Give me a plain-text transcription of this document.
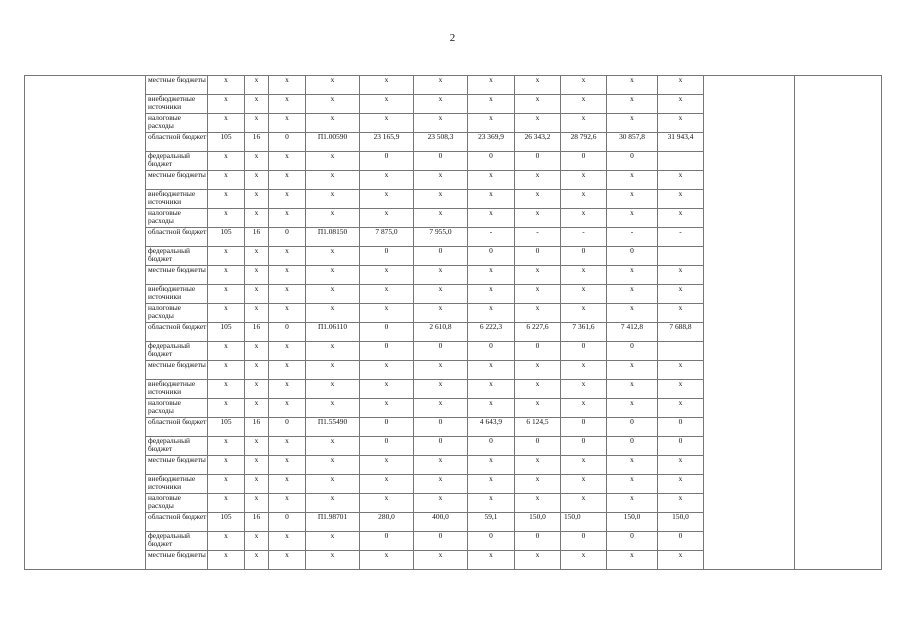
2
	местные бюджеты	x	x	x	x	x	x	x	x	x	x	x		
	внебюджетные источники	x	x	x	x	x	x	x	x	x	x	x		
	налоговые расходы	x	x	x	x	x	x	x	x	x	x	x		
	областной бюджет	105	16	0	П1.00590	23 165,9	23 508,3	23 369,9	26 343,2	28 792,6	30 857,8	31 943,4		
	федеральный бюджет	x	x	x	x	0	0	0	0	0	0			
	местные бюджеты	x	x	x	x	x	x	x	x	x	x	x		
	внебюджетные источники	x	x	x	x	x	x	x	x	x	x	x		
	налоговые расходы	x	x	x	x	x	x	x	x	x	x	x		
	областной бюджет	105	16	0	П1.08150	7 875,0	7 955,0	-	-	-	-	-		
	федеральный бюджет	x	x	x	x	0	0	0	0	0	0			
	местные бюджеты	x	x	x	x	x	x	x	x	x	x	x		
	внебюджетные источники	x	x	x	x	x	x	x	x	x	x	x		
	налоговые расходы	x	x	x	x	x	x	x	x	x	x	x		
	областной бюджет	105	16	0	П1.06110	0	2 610,8	6 222,3	6 227,6	7 361,6	7 412,8	7 688,8		
	федеральный бюджет	x	x	x	x	0	0	0	0	0	0			
	местные бюджеты	x	x	x	x	x	x	x	x	x	x	x		
	внебюджетные источники	x	x	x	x	x	x	x	x	x	x	x		
	налоговые расходы	x	x	x	x	x	x	x	x	x	x	x		
	областной бюджет	105	16	0	П1.55490	0	0	4 643,9	6 124,5	0	0	0		
	федеральный бюджет	x	x	x	x	0	0	0	0	0	0	0		
	местные бюджеты	x	x	x	x	x	x	x	x	x	x	x		
	внебюджетные источники	x	x	x	x	x	x	x	x	x	x	x		
	налоговые расходы	x	x	x	x	x	x	x	x	x	x	x		
	областной бюджет	105	16	0	П1.98701	280,0	400,0	59,1	150,0	150,0	150,0	150,0		
	федеральный бюджет	x	x	x	x	0	0	0	0	0	0	0		
	местные бюджеты	x	x	x	x	x	x	x	x	x	x	x		
